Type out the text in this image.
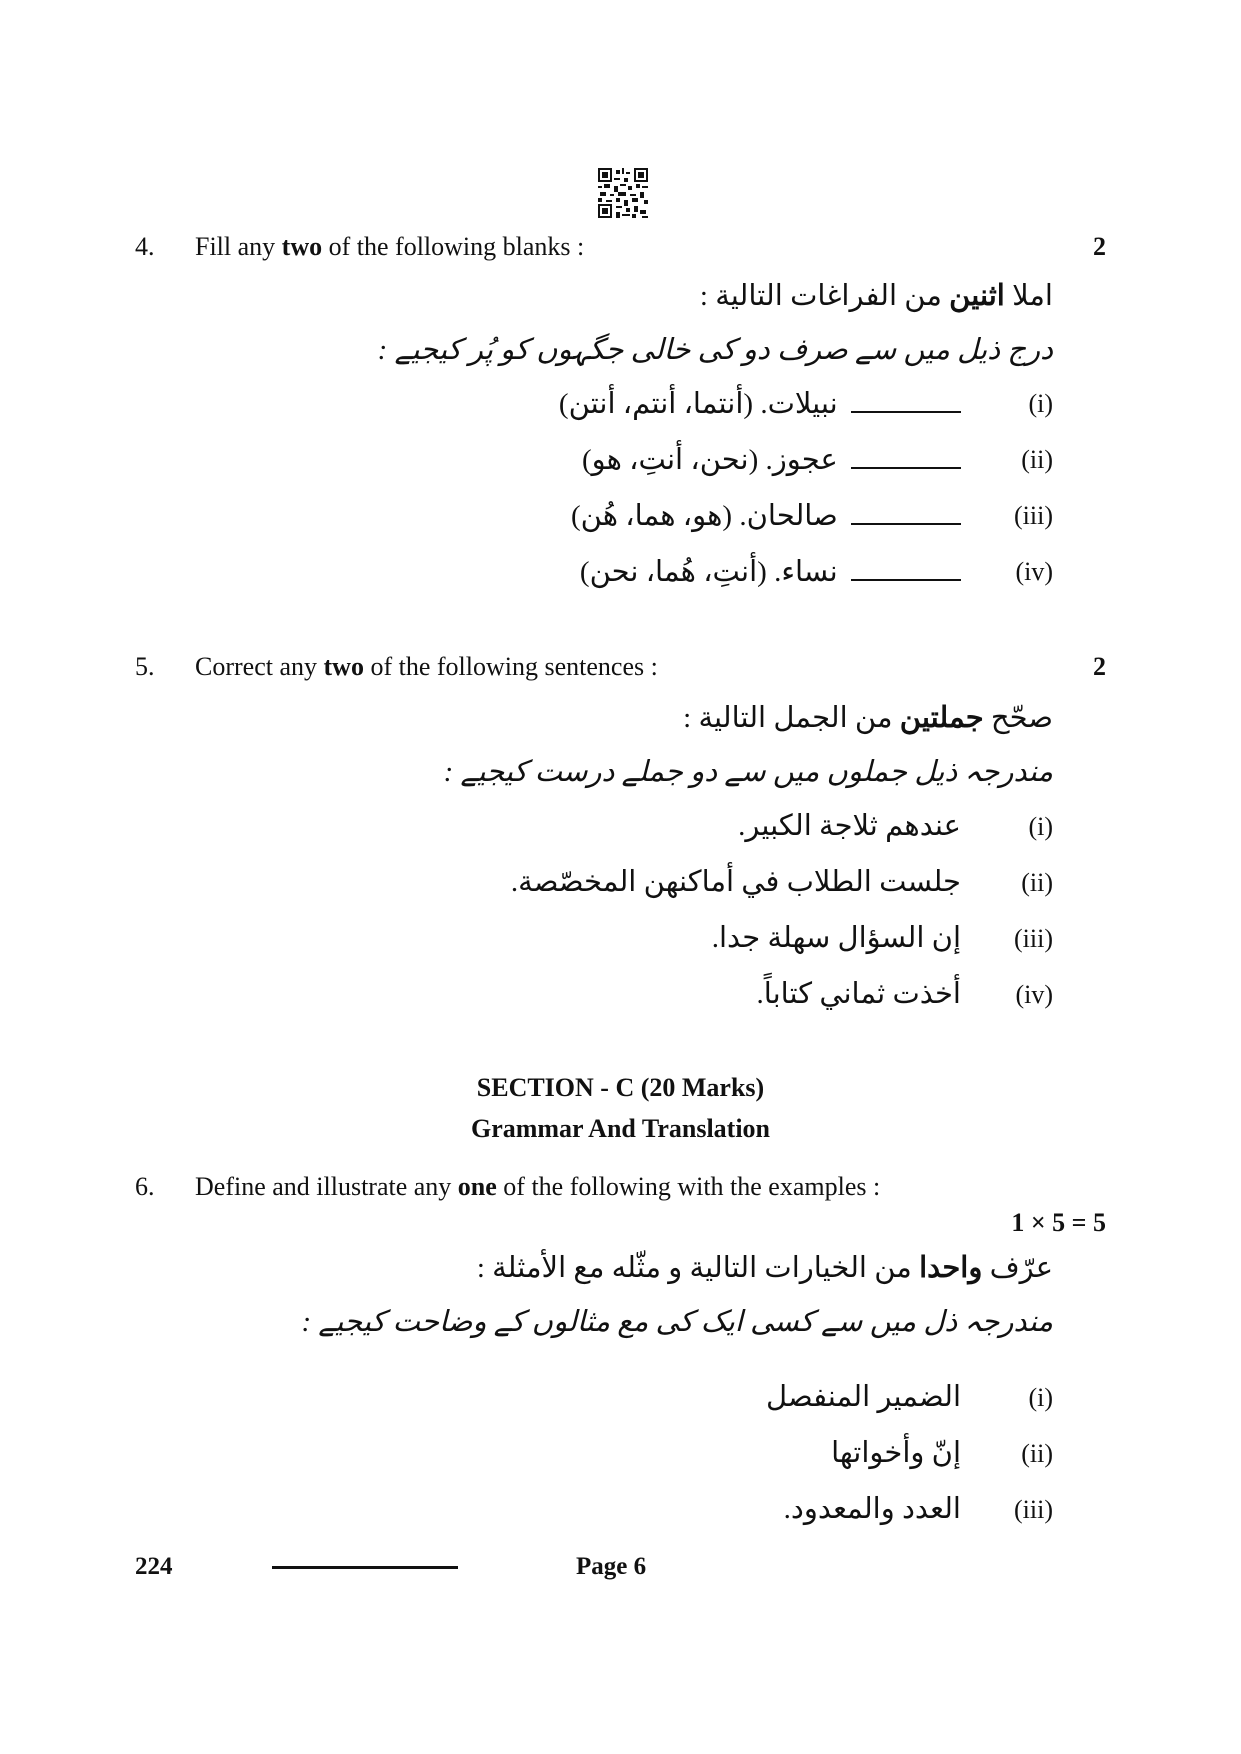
4. Fill any two of the following blanks :	2
املا اثنين من الفراغات التالية :
درج ذیل میں سے صرف دو کی خالی جگہوں کو پُر کیجیے :
(i)
نبيلات. (أنتما، أنتم، أنتن)
(ii)
عجوز. (نحن، أنتِ، هو)
(iii)
صالحان. (هو، هما، هُن)
(iv)
نساء. (أنتِ، هُما، نحن)
5. Correct any two of the following sentences :	2
صحّح جملتين من الجمل التالية :
مندرجہ ذیل جملوں میں سے دو جملے درست کیجیے :
(i)
عندهم ثلاجة الكبير.
(ii)
جلست الطلاب في أماكنهن المخصّصة.
(iii)
إن السؤال سهلة جدا.
(iv)
أخذت ثماني كتاباً.
SECTION - C (20 Marks)
Grammar And Translation
6. Define and illustrate any one of the following with the examples :
1 × 5 = 5
عرّف واحدا من الخيارات التالية و مثّله مع الأمثلة :
مندرجہ ذل میں سے کسی ایک کی مع مثالوں کے وضاحت کیجیے :
(i)
الضمير المنفصل
(ii)
إنّ وأخواتها
(iii)
العدد والمعدود.
224	Page 6
